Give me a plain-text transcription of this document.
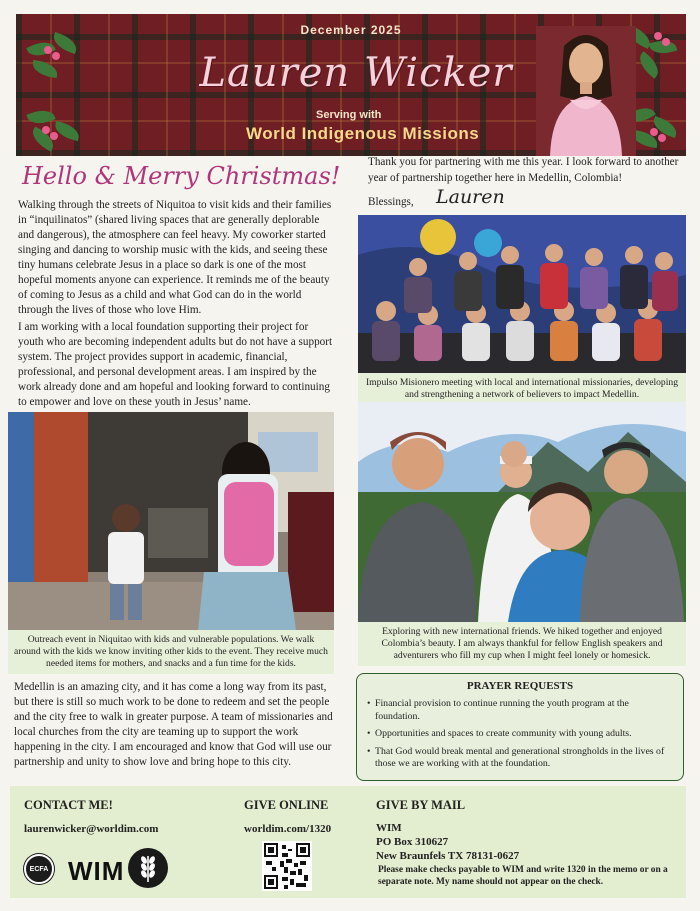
December 2025
Lauren Wicker
Serving with
World Indigenous Missions
Hello & Merry Christmas!

Walking through the streets of Niquitoa to visit kids and their families in “inquilinatos” (shared living spaces that are generally deplorable and dangerous), the atmosphere can feel heavy. My coworker started singing and dancing to worship music with the kids, and seeing these tiny humans celebrate Jesus in a place so dark is one of the most hopeful moments anyone can experience. It reminds me of the beauty of coming to Jesus as a child and what God can do in the world through the lives of those who love Him.

I am working with a local foundation supporting their project for youth who are becoming independent adults but do not have a support system. The project provides support in academic, financial, professional, and personal development areas. I am inspired by the work already done and am hopeful and looking forward to continuing to empower and love on these youth in Jesus’ name.

Outreach event in Niquitao with kids and vulnerable populations. We walk around with the kids we know inviting other kids to the event. They receive much needed items for mothers, and snacks and a fun time for the kids.

Medellin is an amazing city, and it has come a long way from its past, but there is still so much work to be done to redeem and set the people and the city free to walk in greater purpose. A team of missionaries and local churches from the city are teaming up to support the work happening in the city. I am encouraged and know that God will use our partnership and unity to show love and bring hope to this city.

Thank you for partnering with me this year. I look forward to another year of partnership together here in Medellin, Colombia!

Blessings, Lauren
Impulso Misionero meeting with local and international missionaries, developing and strengthening a network of believers to impact Medellin.
Exploring with new international friends. We hiked together and enjoyed Colombia’s beauty. I am always thankful for fellow English speakers and adventurers who fill my cup when I might feel lonely or homesick.
PRAYER REQUESTS
• Financial provision to continue running the youth program at the foundation.
• Opportunities and spaces to create community with young adults.
• That God would break mental and generational strongholds in the lives of those we are working with at the foundation.
CONTACT ME!
laurenwicker@worldim.com
GIVE ONLINE
worldim.com/1320
GIVE BY MAIL
WIM
PO Box 310627
New Braunfels TX 78131-0627
Please make checks payable to WIM and write 1320 in the memo or on a separate note. My name should not appear on the check.
ECFA WIM
